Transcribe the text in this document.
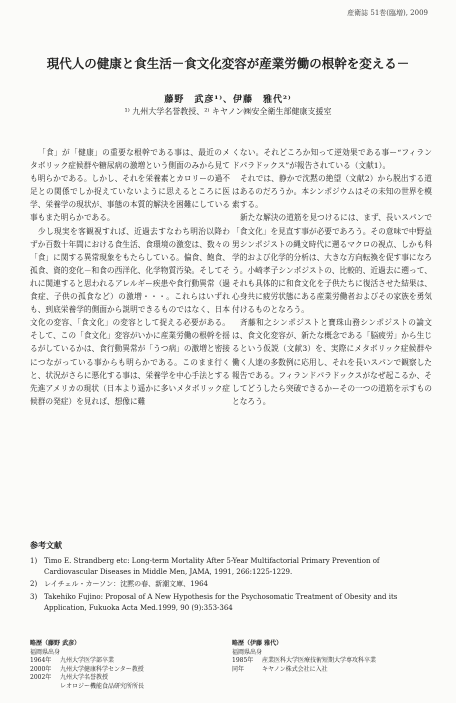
産衛誌 51巻(臨増), 2009
現代人の健康と食生活－食文化変容が産業労働の根幹を変える－
藤野　武彦¹⁾、伊藤　雅代²⁾
¹⁾ 九州大学名誉教授、²⁾ キヤノン㈱安全衛生部健康支援室

「食」が「健康」の重要な根幹である事は、最近のメタボリック症候群や糖尿病の激増という側面のみから見ても明らかである。しかし、それを栄養素とカロリーの過不足との関係でしか捉えていないように思えるところに医学、栄養学の現状が、事態の本質的解決を困難にしている事もまた明らかである。

少し現実を客観視すれば、近過去すなわち明治以降わずか百数十年間における食生活、食環境の激変は、数々の「食」に関する異常現象をもたらしている。偏食、飽食、孤食、資的変化－和食の西洋化、化学物質汚染。そしてそれに関連すると思われるアレルギー疾患や食行動異常（過食症、子供の孤食など）の激増・・・。これらはいずれも、到底栄養学的側面から説明できるものではなく、日本文化の変容、「食文化」の変容として捉える必要がある。そして、この「食文化」変容がいかに産業労働の根幹を揺るがしているかは、食行動異常が「うつ病」の激増と密接につながっている事からも明らかである。このまま行くと、状況がさらに悪化する事は、栄養学を中心手法とする先進アメリカの現状（日本より遥かに多いメタボリック症候群の発症）を見れば、想像に難

くない。それどころか知って逆効果である事ー“フィランドパラドックス”が報告されている（文献1）。

それでは、静かで沈黙の絶望（文献2）から脱出する道はあるのだろうか。本シンポジウムはその未知の世界を模索する。

新たな解決の道筋を見つけるには、まず、長いスパンで「食文化」を見直す事が必要であろう。その意味で中野益男シンポジストの縄文時代に遡るマクロの視点、しかも科学的および化学的分析は、大きな方向転換を促す事になろう。小崎孝子シンポジストの、比較的、近過去に遡って、それも具体的に和食文化を子供たちに復活させた結果は、心身共に疲労状態にある産業労働者およびその家族を勇気付けるものとなろう。

斉藤和之シンポジストと寶珠山務シンポジストの論文は、食文化変容が、新たな概念である「脳疲労」から生じるという仮説（文献3）を、実際にメタボリック症候群や働く人達の多数例に応用し、それを長いスパンで観察した報告である。フィランドパラドックスがなぜ起こるか、そしてどうしたら突破できるかーその一つの道筋を示すものとなろう。

参考文献
1) Timo E. Strandberg etc: Long-term Mortality After 5-Year Multifactorial Primary Prevention of Cardiovascular Diseases in Middle Men, JAMA, 1991, 266:1225-1229.
2) レイチェル・カーソン：沈黙の春、新潮文庫、1964
3) Takehiko Fujino: Proposal of A New Hypothesis for the Psychosomatic Treatment of Obesity and its Application, Fukuoka Acta Med.1999, 90 (9):353-364
略歴（藤野 武彦）
福岡県出身
1964年	九州大学医学部卒業
2000年	九州大学健康科学センター教授
2002年	九州大学名誉教授
レオロジー機能食品研究所所長
略歴（伊藤 雅代）
福岡県出身
1985年	産業医科大学医療技術短期大学専攻科卒業
同年	キヤノン株式会社に入社
